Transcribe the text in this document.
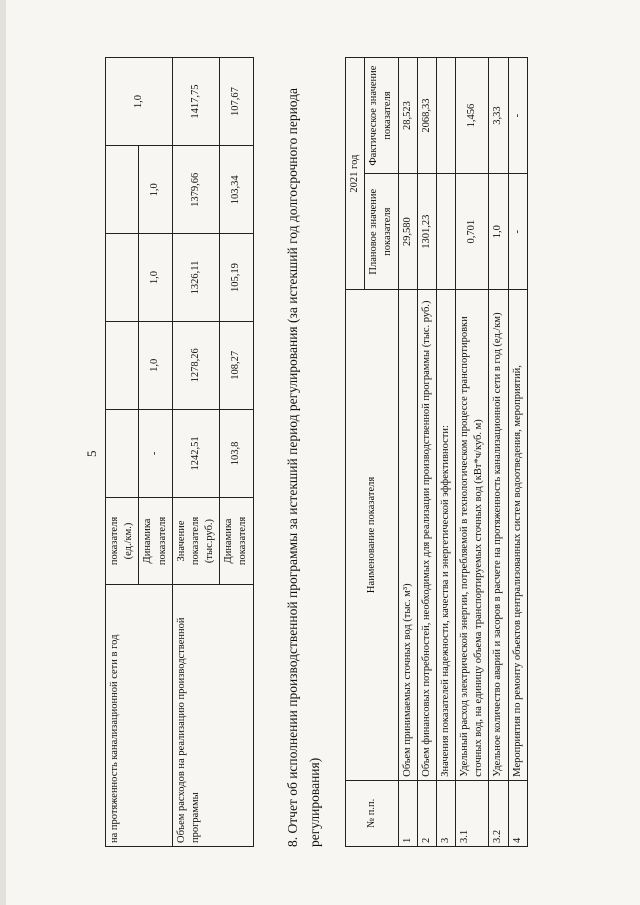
на протяженность канализационной сети в год	показателя (ед./км.)					1,0
	Динамика показателя	-	1,0	1,0	1,0	
Объем расходов на реализацию производственной программы	Значение показателя (тыс.руб.)	1242,51	1278,26	1326,11	1379,66	1417,75
	Динамика показателя	103,8	108,27	105,19	103,34	107,67
5	8. Отчет об исполнении производственной программы за истекший период регулирования (за истекший год долгосрочного периода регулирования)	№ п.п.	Наименование показателя	2021 год	
		Плановое значение показателя	Фактическое значение показателя
1	Объем принимаемых сточных вод (тыс. м³)	29,580	28,523
2	Объем финансовых потребностей, необходимых для реализации производственной программы (тыс. руб.)	1301,23	2068,33
3	Значения показателей надежности, качества и энергетической эффективности:		
3.1	Удельный расход электрической энергии, потребляемой в технологическом процессе транспортировки сточных вод, на единицу объема транспортируемых сточных вод (кВт*ч/куб. м)	0,701	1,456
3.2	Удельное количество аварий и засоров в расчете на протяженность канализационной сети в год (ед./км)	1,0	3,33
4	Мероприятия по ремонту объектов централизованных систем водоотведения, мероприятий,	-	-
